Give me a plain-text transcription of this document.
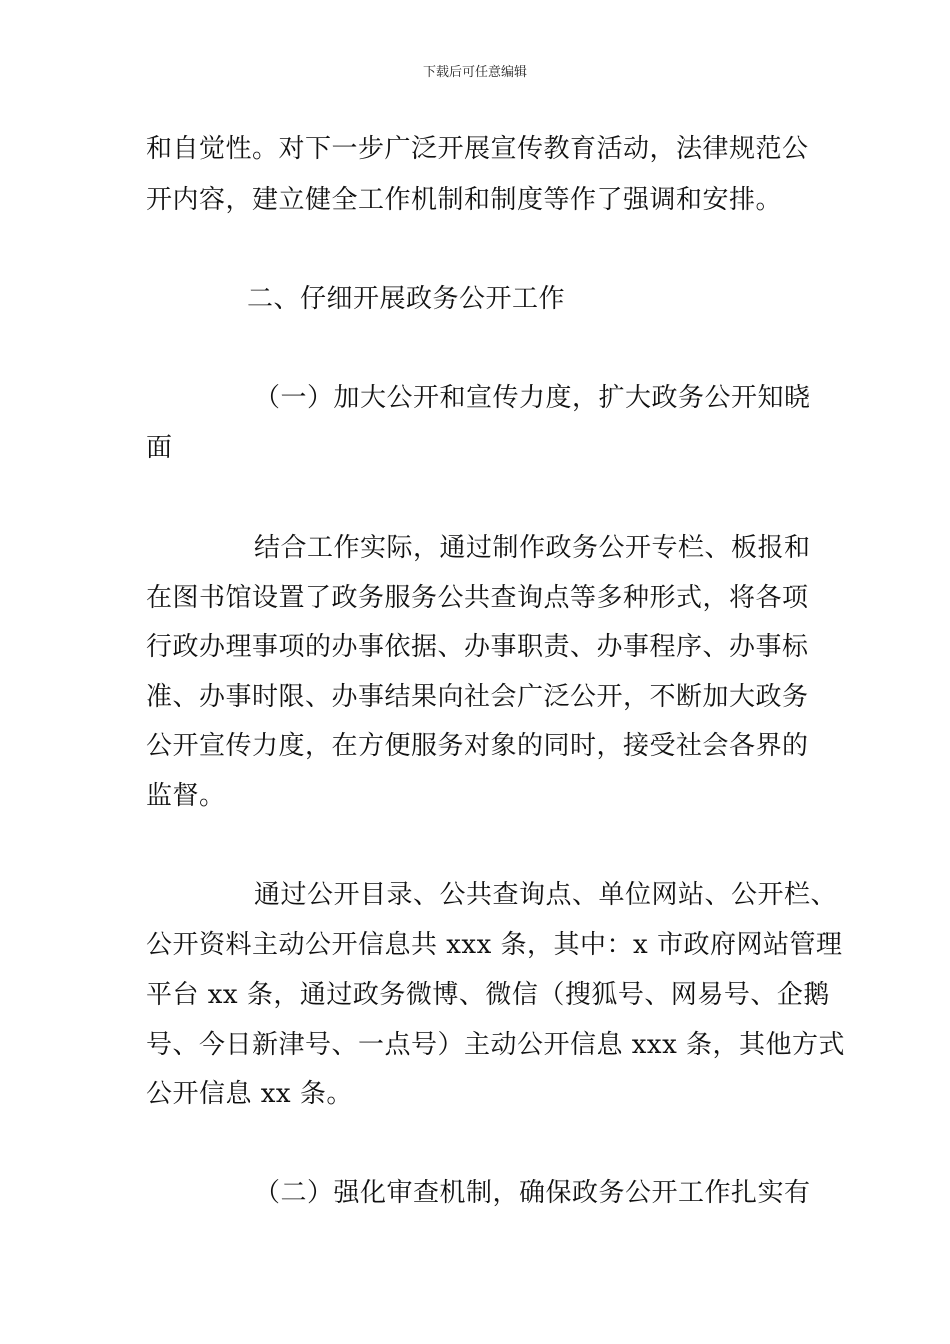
下载后可任意编辑
和自觉性。对下一步广泛开展宣传教育活动，法律规范公
开内容，建立健全工作机制和制度等作了强调和安排。
二、仔细开展政务公开工作
（一）加大公开和宣传力度，扩大政务公开知晓
面
结合工作实际，通过制作政务公开专栏、板报和
在图书馆设置了政务服务公共查询点等多种形式，将各项
行政办理事项的办事依据、办事职责、办事程序、办事标
准、办事时限、办事结果向社会广泛公开，不断加大政务
公开宣传力度，在方便服务对象的同时，接受社会各界的
监督。
通过公开目录、公共查询点、单位网站、公开栏、
公开资料主动公开信息共 xxx 条，其中：x 市政府网站管理
平台 xx 条，通过政务微博、微信（搜狐号、网易号、企鹅
号、今日新津号、一点号）主动公开信息 xxx 条，其他方式
公开信息 xx 条。
（二）强化审查机制，确保政务公开工作扎实有
